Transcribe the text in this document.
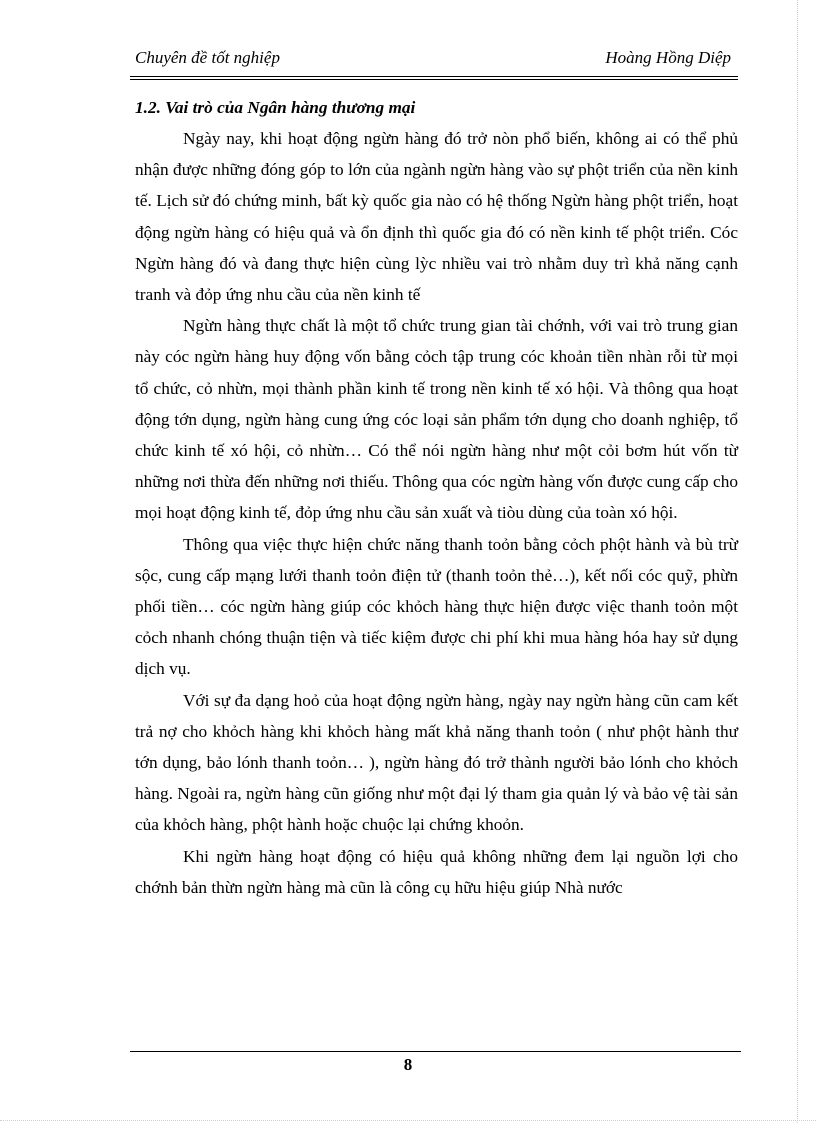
Chuyên đề tốt nghiệp	Hoàng Hồng Diệp

1.2. Vai trò của Ngân hàng thương mại

Ngày nay, khi hoạt động ngừn hàng đó trở nòn phổ biến, không ai có thể phủ nhận được những đóng góp to lớn của ngành ngừn hàng vào sự phột triển của nền kinh tế. Lịch sử đó chứng minh, bất kỳ quốc gia nào có hệ thống Ngừn hàng phột triển, hoạt động ngừn hàng có hiệu quả và ổn định thì quốc gia đó có nền kinh tế phột triển. Cóc Ngừn hàng đó và đang thực hiện cùng lỳc nhiều vai trò nhằm duy trì khả năng cạnh tranh và đỏp ứng nhu cầu của nền kinh tế

Ngừn hàng thực chất là một tổ chức trung gian tài chớnh, với vai trò trung gian này cóc ngừn hàng huy động vốn bằng cỏch tập trung cóc khoản tiền nhàn rỗi từ mọi tổ chức, cỏ nhừn, mọi thành phần kinh tế trong nền kinh tế xó hội. Và thông qua hoạt động tớn dụng, ngừn hàng cung ứng cóc loại sản phẩm tớn dụng cho doanh nghiệp, tổ chức kinh tế xó hội, cỏ nhừn… Có thể nói ngừn hàng như một cỏi bơm hút vốn từ những nơi thừa đến những nơi thiếu. Thông qua cóc ngừn hàng vốn được cung cấp cho mọi hoạt động kinh tế, đỏp ứng nhu cầu sản xuất và tiòu dùng của toàn xó hội.

Thông qua việc thực hiện chức năng thanh toỏn bằng cỏch phột hành và bù trừ sộc, cung cấp mạng lưới thanh toỏn điện tử (thanh toỏn thẻ…), kết nối cóc quỹ, phừn phối tiền… cóc ngừn hàng giúp cóc khỏch hàng thực hiện được việc thanh toỏn một cỏch nhanh chóng thuận tiện và tiếc kiệm được chi phí khi mua hàng hóa hay sử dụng dịch vụ.

Với sự đa dạng hoỏ của hoạt động ngừn hàng, ngày nay ngừn hàng cũn cam kết trả nợ cho khỏch hàng khi khỏch hàng mất khả năng thanh toỏn ( như phột hành thư tớn dụng, bảo lónh thanh toỏn… ), ngừn hàng đó trở thành người bảo lónh cho khỏch hàng. Ngoài ra, ngừn hàng cũn giống như một đại lý tham gia quản lý và bảo vệ tài sản của khỏch hàng, phột hành hoặc chuộc lại chứng khoỏn.

Khi ngừn hàng hoạt động có hiệu quả không những đem lại nguồn lợi cho chớnh bản thừn ngừn hàng mà cũn là công cụ hữu hiệu giúp Nhà nước

8
